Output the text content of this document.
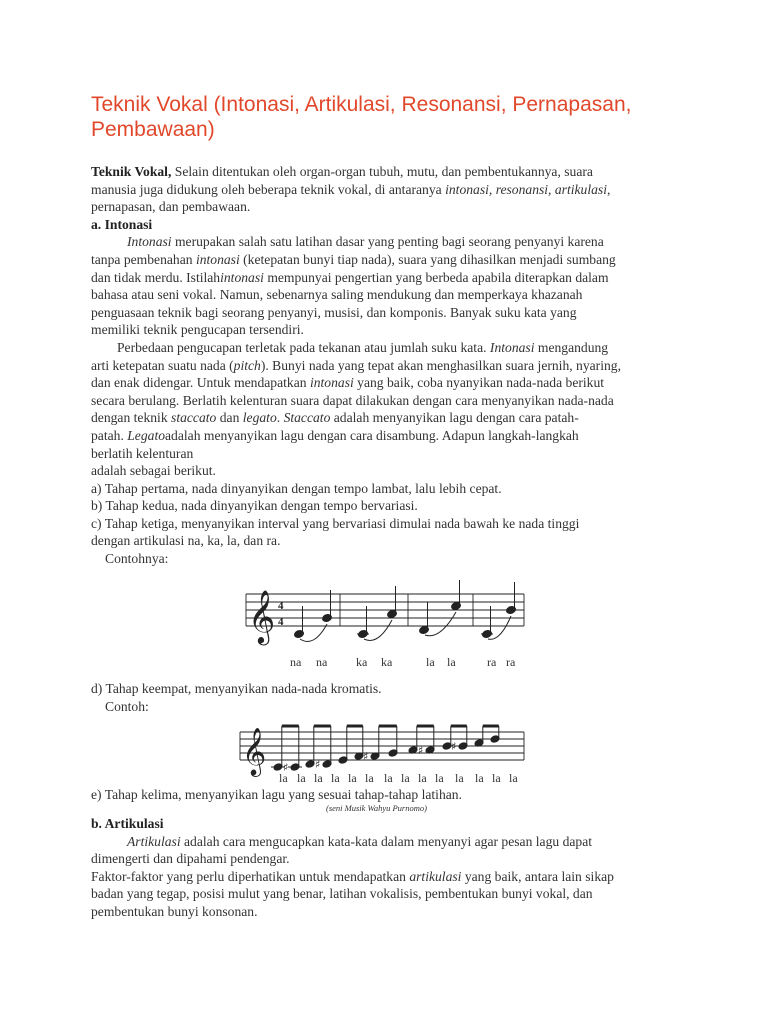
Teknik Vokal (Intonasi, Artikulasi, Resonansi, Pernapasan, Pembawaan)
Teknik Vokal, Selain ditentukan oleh organ-organ tubuh, mutu, dan pembentukannya, suara
manusia juga didukung oleh beberapa teknik vokal, di antaranya intonasi, resonansi, artikulasi,
pernapasan, dan pembawaan.
a. Intonasi
Intonasi merupakan salah satu latihan dasar yang penting bagi seorang penyanyi karena
tanpa pembenahan intonasi (ketepatan bunyi tiap nada), suara yang dihasilkan menjadi sumbang
dan tidak merdu. Istilahintonasi mempunyai pengertian yang berbeda apabila diterapkan dalam
bahasa atau seni vokal. Namun, sebenarnya saling mendukung dan memperkaya khazanah
penguasaan teknik bagi seorang penyanyi, musisi, dan komponis. Banyak suku kata yang
memiliki teknik pengucapan tersendiri.
Perbedaan pengucapan terletak pada tekanan atau jumlah suku kata. Intonasi mengandung
arti ketepatan suatu nada (pitch). Bunyi nada yang tepat akan menghasilkan suara jernih, nyaring,
dan enak didengar. Untuk mendapatkan intonasi yang baik, coba nyanyikan nada-nada berikut
secara berulang. Berlatih kelenturan suara dapat dilakukan dengan cara menyanyikan nada-nada
dengan teknik staccato dan legato. Staccato adalah menyanyikan lagu dengan cara patah-
patah. Legatoadalah menyanyikan lagu dengan cara disambung. Adapun langkah-langkah
berlatih kelenturan
adalah sebagai berikut.
a) Tahap pertama, nada dinyanyikan dengan tempo lambat, lalu lebih cepat.
b) Tahap kedua, nada dinyanyikan dengan tempo bervariasi.
c) Tahap ketiga, menyanyikan interval yang bervariasi dimulai nada bawah ke nada tinggi
dengan artikulasi na, ka, la, dan ra.
Contohnya:
𝄞 4
4
na na ka ka	la la	ra ra
d) Tahap keempat, menyanyikan nada-nada kromatis.
Contoh:
𝄞 ♯ ♯
♯	♯	♯
la la la la la la la la la la la la la la
e) Tahap kelima, menyanyikan lagu yang sesuai tahap-tahap latihan.
(seni Musik Wahyu Purnomo)
b. Artikulasi
Artikulasi adalah cara mengucapkan kata-kata dalam menyanyi agar pesan lagu dapat
dimengerti dan dipahami pendengar.
Faktor-faktor yang perlu diperhatikan untuk mendapatkan artikulasi yang baik, antara lain sikap
badan yang tegap, posisi mulut yang benar, latihan vokalisis, pembentukan bunyi vokal, dan
pembentukan bunyi konsonan.
